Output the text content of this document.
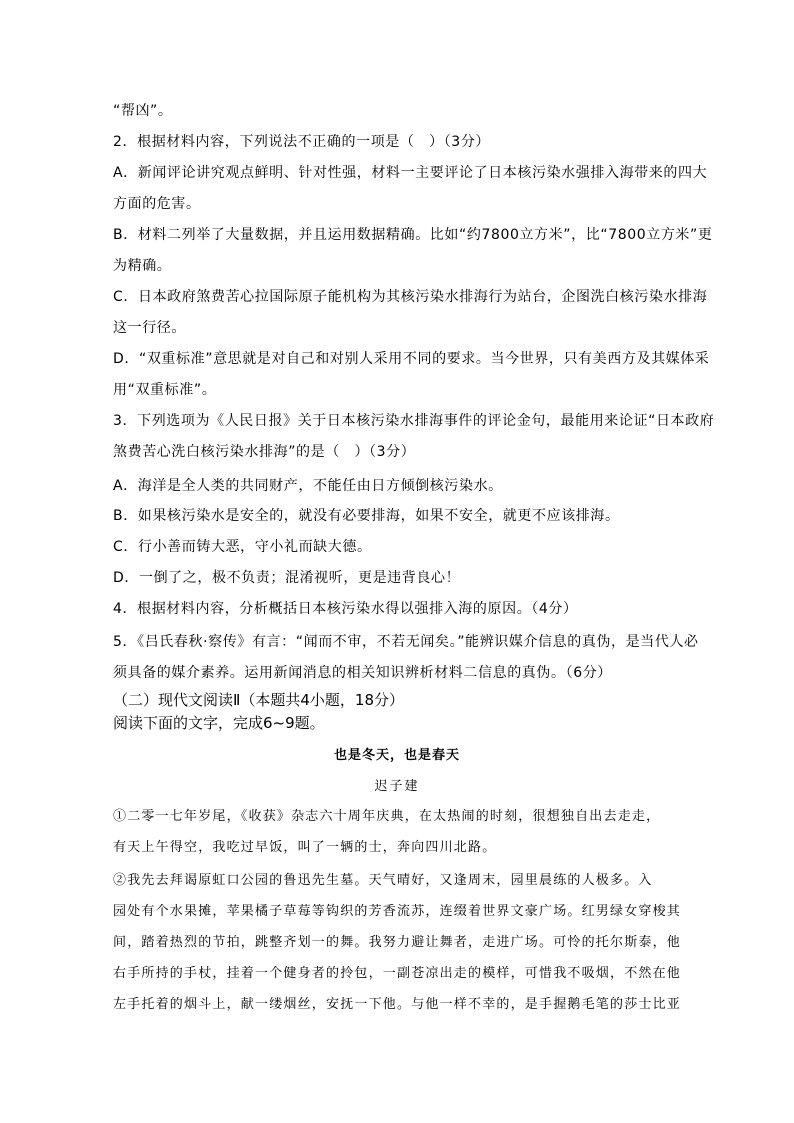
“帮凶”。
2．根据材料内容，下列说法不正确的一项是（　）（3分）
A．新闻评论讲究观点鲜明、针对性强，材料一主要评论了日本核污染水强排入海带来的四大
方面的危害。
B．材料二列举了大量数据，并且运用数据精确。比如“约7800立方米”，比“7800立方米”更
为精确。
C．日本政府煞费苦心拉国际原子能机构为其核污染水排海行为站台，企图洗白核污染水排海
这一行径。
D．“双重标准”意思就是对自己和对别人采用不同的要求。当今世界，只有美西方及其媒体采
用“双重标准”。
3．下列选项为《人民日报》关于日本核污染水排海事件的评论金句，最能用来论证“日本政府
煞费苦心洗白核污染水排海”的是（　）（3分）
A．海洋是全人类的共同财产，不能任由日方倾倒核污染水。
B．如果核污染水是安全的，就没有必要排海，如果不安全，就更不应该排海。
C．行小善而铸大恶，守小礼而缺大德。
D．一倒了之，极不负责；混淆视听，更是违背良心！
4．根据材料内容，分析概括日本核污染水得以强排入海的原因。（4分）
5．《吕氏春秋·察传》有言：“闻而不审，不若无闻矣。”能辨识媒介信息的真伪，是当代人必
须具备的媒介素养。运用新闻消息的相关知识辨析材料二信息的真伪。（6分）
（二）现代文阅读Ⅱ（本题共4小题，18分）
阅读下面的文字，完成6~9题。
也是冬天，也是春天
迟子建
①二零一七年岁尾，《收获》杂志六十周年庆典，在太热闹的时刻，很想独自出去走走，
有天上午得空，我吃过早饭，叫了一辆的士，奔向四川北路。
②我先去拜谒原虹口公园的鲁迅先生墓。天气晴好，又逢周末，园里晨练的人极多。入
园处有个水果摊，苹果橘子草莓等钩织的芳香流苏，连缀着世界文豪广场。红男绿女穿梭其
间，踏着热烈的节拍，跳整齐划一的舞。我努力避让舞者，走进广场。可怜的托尔斯泰，他
右手所持的手杖，挂着一个健身者的拎包，一副苍凉出走的模样，可惜我不吸烟，不然在他
左手托着的烟斗上，献一缕烟丝，安抚一下他。与他一样不幸的，是手握鹅毛笔的莎士比亚
